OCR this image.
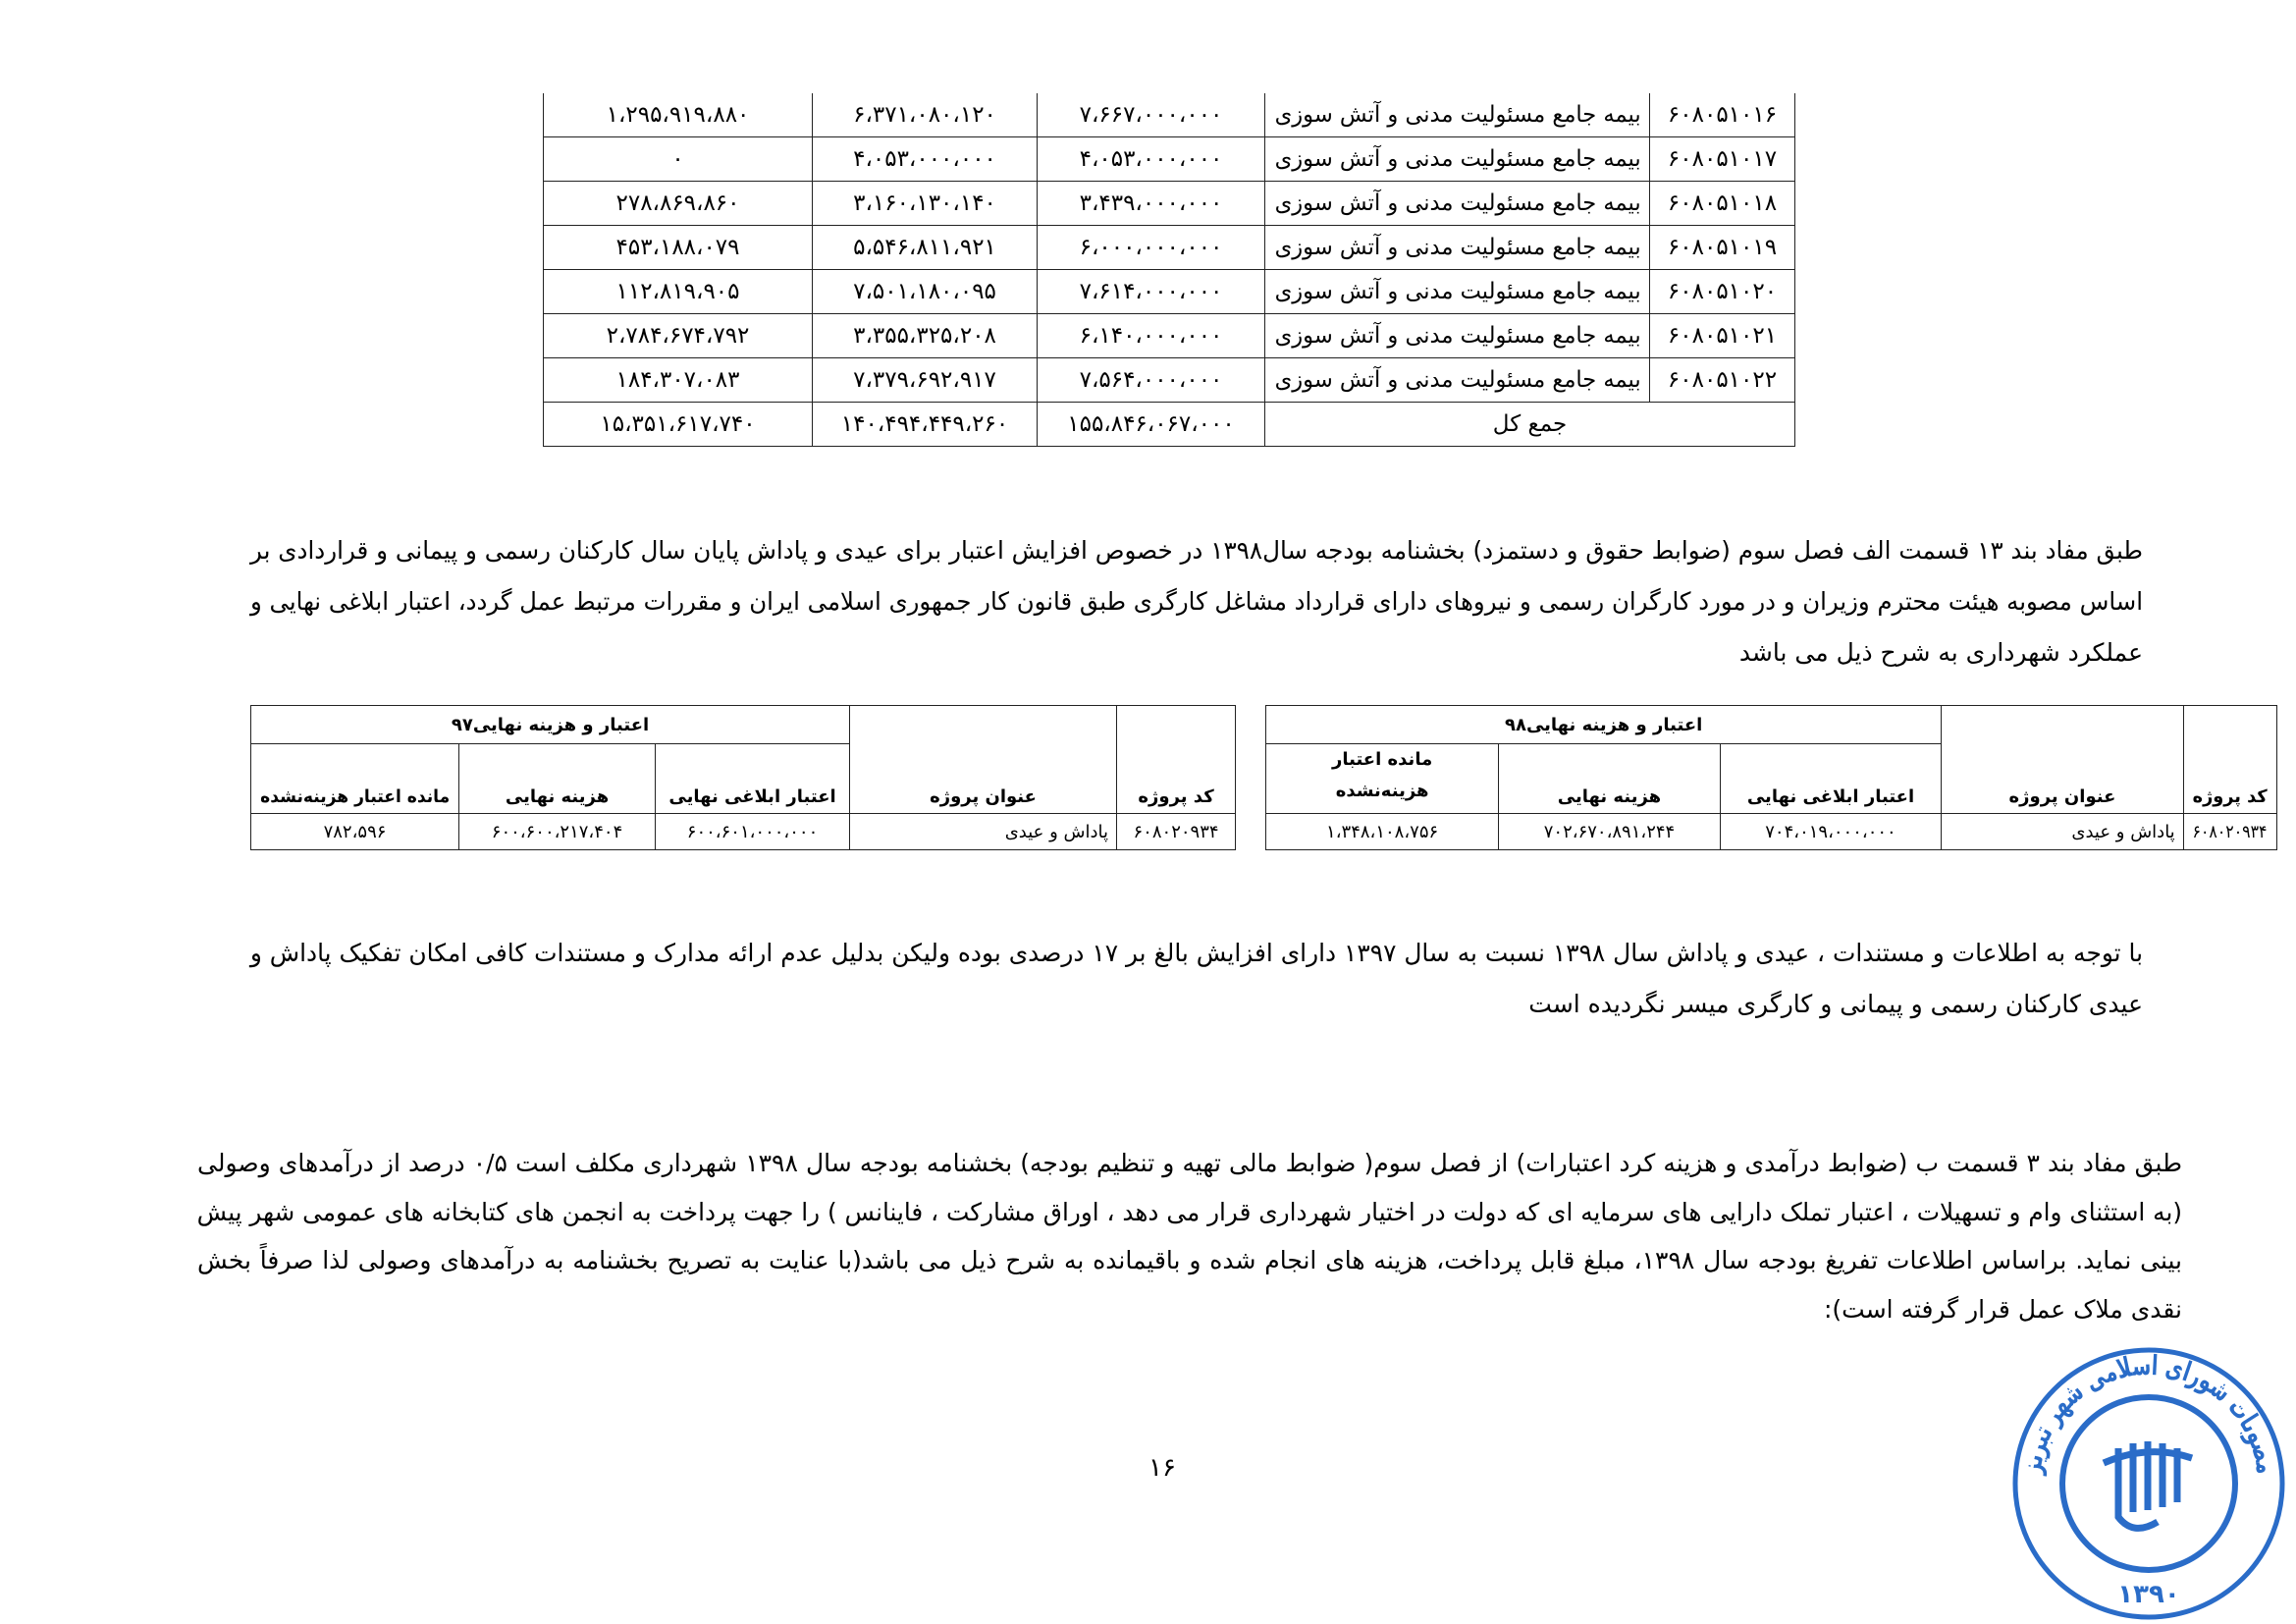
۶۰۸۰۵۱۰۱۶	بیمه جامع مسئولیت مدنی و آتش سوزی	۷،۶۶۷،۰۰۰،۰۰۰	۶،۳۷۱،۰۸۰،۱۲۰	۱،۲۹۵،۹۱۹،۸۸۰
۶۰۸۰۵۱۰۱۷	بیمه جامع مسئولیت مدنی و آتش سوزی	۴،۰۵۳،۰۰۰،۰۰۰	۴،۰۵۳،۰۰۰،۰۰۰	۰
۶۰۸۰۵۱۰۱۸	بیمه جامع مسئولیت مدنی و آتش سوزی	۳،۴۳۹،۰۰۰،۰۰۰	۳،۱۶۰،۱۳۰،۱۴۰	۲۷۸،۸۶۹،۸۶۰
۶۰۸۰۵۱۰۱۹	بیمه جامع مسئولیت مدنی و آتش سوزی	۶،۰۰۰،۰۰۰،۰۰۰	۵،۵۴۶،۸۱۱،۹۲۱	۴۵۳،۱۸۸،۰۷۹
۶۰۸۰۵۱۰۲۰	بیمه جامع مسئولیت مدنی و آتش سوزی	۷،۶۱۴،۰۰۰،۰۰۰	۷،۵۰۱،۱۸۰،۰۹۵	۱۱۲،۸۱۹،۹۰۵
۶۰۸۰۵۱۰۲۱	بیمه جامع مسئولیت مدنی و آتش سوزی	۶،۱۴۰،۰۰۰،۰۰۰	۳،۳۵۵،۳۲۵،۲۰۸	۲،۷۸۴،۶۷۴،۷۹۲
۶۰۸۰۵۱۰۲۲	بیمه جامع مسئولیت مدنی و آتش سوزی	۷،۵۶۴،۰۰۰،۰۰۰	۷،۳۷۹،۶۹۲،۹۱۷	۱۸۴،۳۰۷،۰۸۳
جمع کل		۱۵۵،۸۴۶،۰۶۷،۰۰۰	۱۴۰،۴۹۴،۴۴۹،۲۶۰	۱۵،۳۵۱،۶۱۷،۷۴۰
طبق مفاد بند ۱۳ قسمت الف فصل سوم (ضوابط حقوق و دستمزد) بخشنامه بودجه سال۱۳۹۸ در خصوص افزایش اعتبار برای عیدی و پاداش پایان سال کارکنان رسمی و پیمانی و قراردادی بر
اساس مصوبه هیئت محترم وزیران و در مورد کارگران رسمی و نیروهای دارای قرارداد مشاغل کارگری طبق قانون کار جمهوری اسلامی ایران و مقررات مرتبط عمل گردد، اعتبار ابلاغی نهایی و
عملکرد شهرداری به شرح ذیل می باشد
کد پروژه	عنوان پروژه	اعتبار و هزینه نهایی۹۸		
		اعتبار ابلاغی نهایی	هزینه نهایی	مانده اعتبار
هزینه‌نشده
۶۰۸۰۲۰۹۳۴	پاداش و عیدی	۷۰۴،۰۱۹،۰۰۰،۰۰۰	۷۰۲،۶۷۰،۸۹۱،۲۴۴	۱،۳۴۸،۱۰۸،۷۵۶
کد پروژه	عنوان پروژه	اعتبار و هزینه نهایی۹۷		
		اعتبار ابلاغی نهایی	هزینه نهایی	مانده اعتبار هزینه‌نشده
۶۰۸۰۲۰۹۳۴	پاداش و عیدی	۶۰۰،۶۰۱،۰۰۰،۰۰۰	۶۰۰،۶۰۰،۲۱۷،۴۰۴	۷۸۲،۵۹۶
با توجه به اطلاعات و مستندات ، عیدی و پاداش سال ۱۳۹۸ نسبت به سال ۱۳۹۷ دارای افزایش بالغ بر ۱۷ درصدی بوده ولیکن بدلیل عدم ارائه مدارک و مستندات کافی امکان تفکیک پاداش و
عیدی کارکنان رسمی و پیمانی و کارگری میسر نگردیده است
طبق مفاد بند ۳ قسمت ب (ضوابط درآمدی و هزینه کرد اعتبارات) از فصل سوم( ضوابط مالی تهیه و تنظیم بودجه) بخشنامه بودجه سال ۱۳۹۸ شهرداری مکلف است ۰/۵ درصد از درآمدهای وصولی
(به استثنای وام و تسهیلات ، اعتبار تملک دارایی های سرمایه ای که دولت در اختیار شهرداری قرار می دهد ، اوراق مشارکت ، فاینانس ) را جهت پرداخت به انجمن های کتابخانه های عمومی شهر پیش
بینی نماید. براساس اطلاعات تفریغ بودجه سال ۱۳۹۸، مبلغ قابل پرداخت، هزینه های انجام شده و باقیمانده به شرح ذیل می باشد(با عنایت به تصریح بخشنامه به درآمدهای وصولی لذا صرفاً بخش
نقدی ملاک عمل قرار گرفته است):
۱۶	مصوبات شورای اسلامی شهر تبریز
۱۳۹۰
